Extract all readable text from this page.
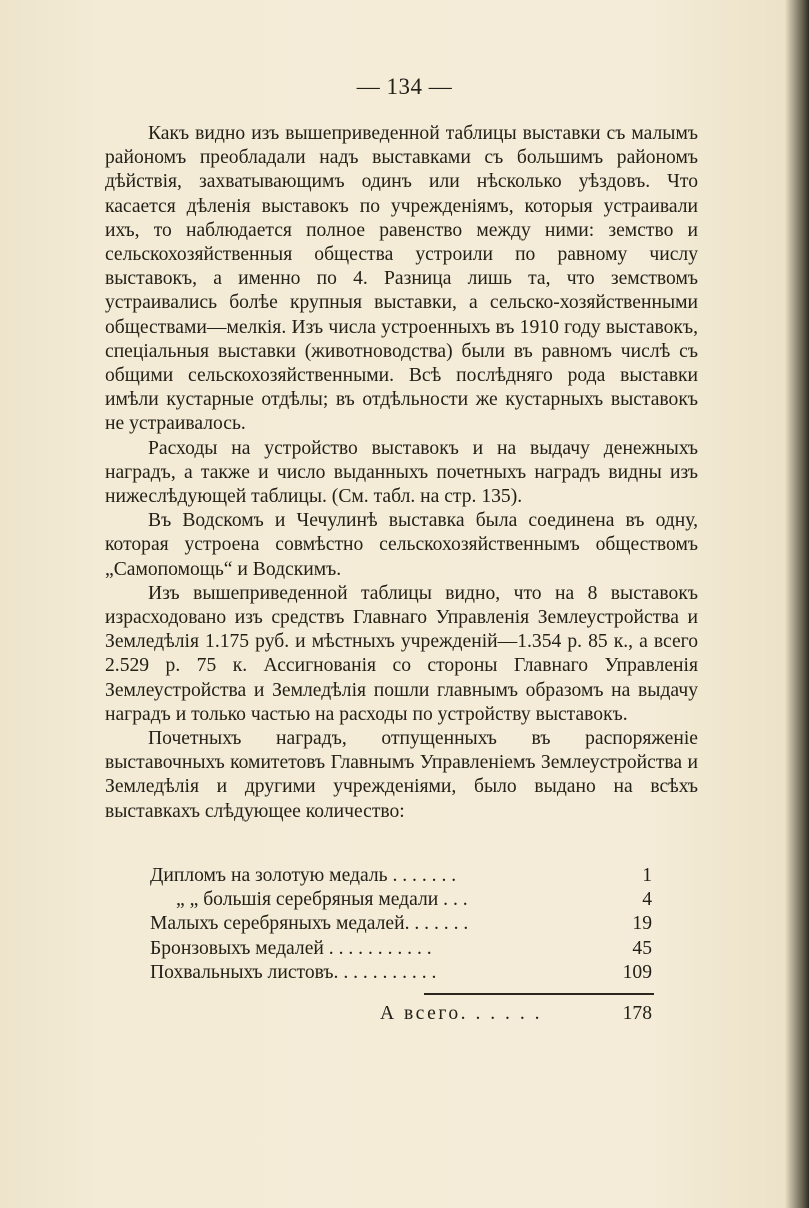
— 134 —

Какъ видно изъ вышеприведенной таблицы выставки съ малымъ райономъ преобладали надъ выставками съ большимъ райономъ дѣйствія, захватывающимъ одинъ или нѣсколько уѣздовъ. Что касается дѣленія выставокъ по учрежденіямъ, которыя устраивали ихъ, то наблюдается полное равенство между ними: земство и сельскохозяйственныя общества устроили по равному числу выставокъ, а именно по 4. Разница лишь та, что земствомъ устраивались болѣе крупныя выставки, а сельско-хозяйственными обществами—мелкія. Изъ числа устроенныхъ въ 1910 году выставокъ, спеціальныя выставки (животноводства) были въ равномъ числѣ съ общими сельскохозяйственными. Всѣ послѣдняго рода выставки имѣли кустарные отдѣлы; въ отдѣльности же кустарныхъ выставокъ не устраивалось.

Расходы на устройство выставокъ и на выдачу денежныхъ наградъ, а также и число выданныхъ почетныхъ наградъ видны изъ нижеслѣдующей таблицы. (См. табл. на стр. 135).

Въ Водскомъ и Чечулинѣ выставка была соединена въ одну, которая устроена совмѣстно сельскохозяйственнымъ обществомъ „Самопомощь“ и Водскимъ.

Изъ вышеприведенной таблицы видно, что на 8 выставокъ израсходовано изъ средствъ Главнаго Управленія Землеустройства и Земледѣлія 1.175 руб. и мѣстныхъ учрежденій—1.354 р. 85 к., а всего 2.529 р. 75 к. Ассигнованія со стороны Главнаго Управленія Землеустройства и Земледѣлія пошли главнымъ образомъ на выдачу наградъ и только частью на расходы по устройству выставокъ.

Почетныхъ наградъ, отпущенныхъ въ распоряженіе выставочныхъ комитетовъ Главнымъ Управленіемъ Землеустройства и Земледѣлія и другими учрежденіями, было выдано на всѣхъ выставкахъ слѣдующее количество:

Дипломъ на золотую медаль . . . . . . .	1
„ „ большія серебряныя медали . . .	4
Малыхъ серебряныхъ медалей. . . . . . .	19
Бронзовыхъ медалей . . . . . . . . . . .	45
Похвальныхъ листовъ. . . . . . . . . . .	109
А всего. . . . . .	178
